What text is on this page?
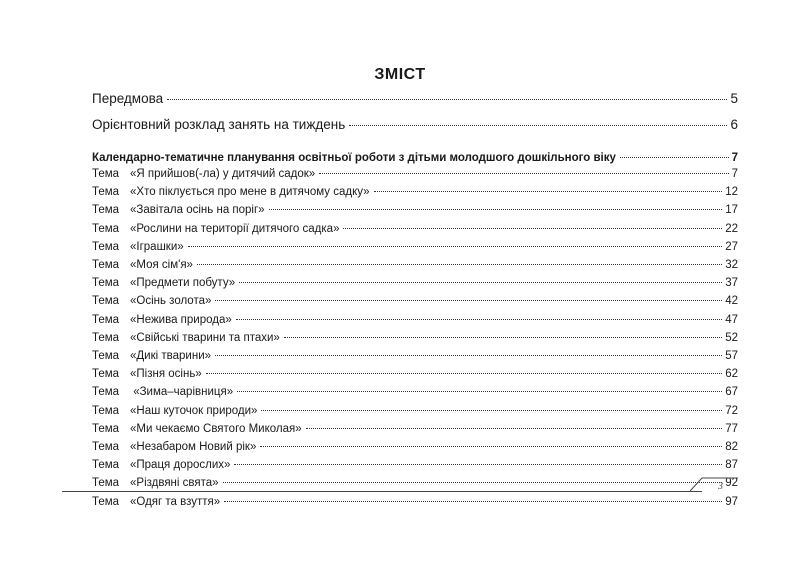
ЗМІСТ
Передмова	5
Орієнтовний розклад занять на тиждень	6
Календарно-тематичне планування освітньої роботи з дітьми молодшого дошкільного віку	7
Тема «Я прийшов(-ла) у дитячий садок»	7
Тема «Хто піклується про мене в дитячому садку»	12
Тема «Завітала осінь на поріг»	17
Тема «Рослини на території дитячого садка»	22
Тема «Іграшки»	27
Тема «Моя сім'я»	32
Тема «Предмети побуту»	37
Тема «Осінь золота»	42
Тема «Нежива природа»	47
Тема «Свійські тварини та птахи»	52
Тема «Дикі тварини»	57
Тема «Пізня осінь»	62
Тема «Зима–чарівниця»	67
Тема «Наш куточок природи»	72
Тема «Ми чекаємо Святого Миколая»	77
Тема «Незабаром Новий рік»	82
Тема «Праця дорослих»	87
Тема «Різдвяні свята»	92
Тема «Одяг та взуття»	97
3
